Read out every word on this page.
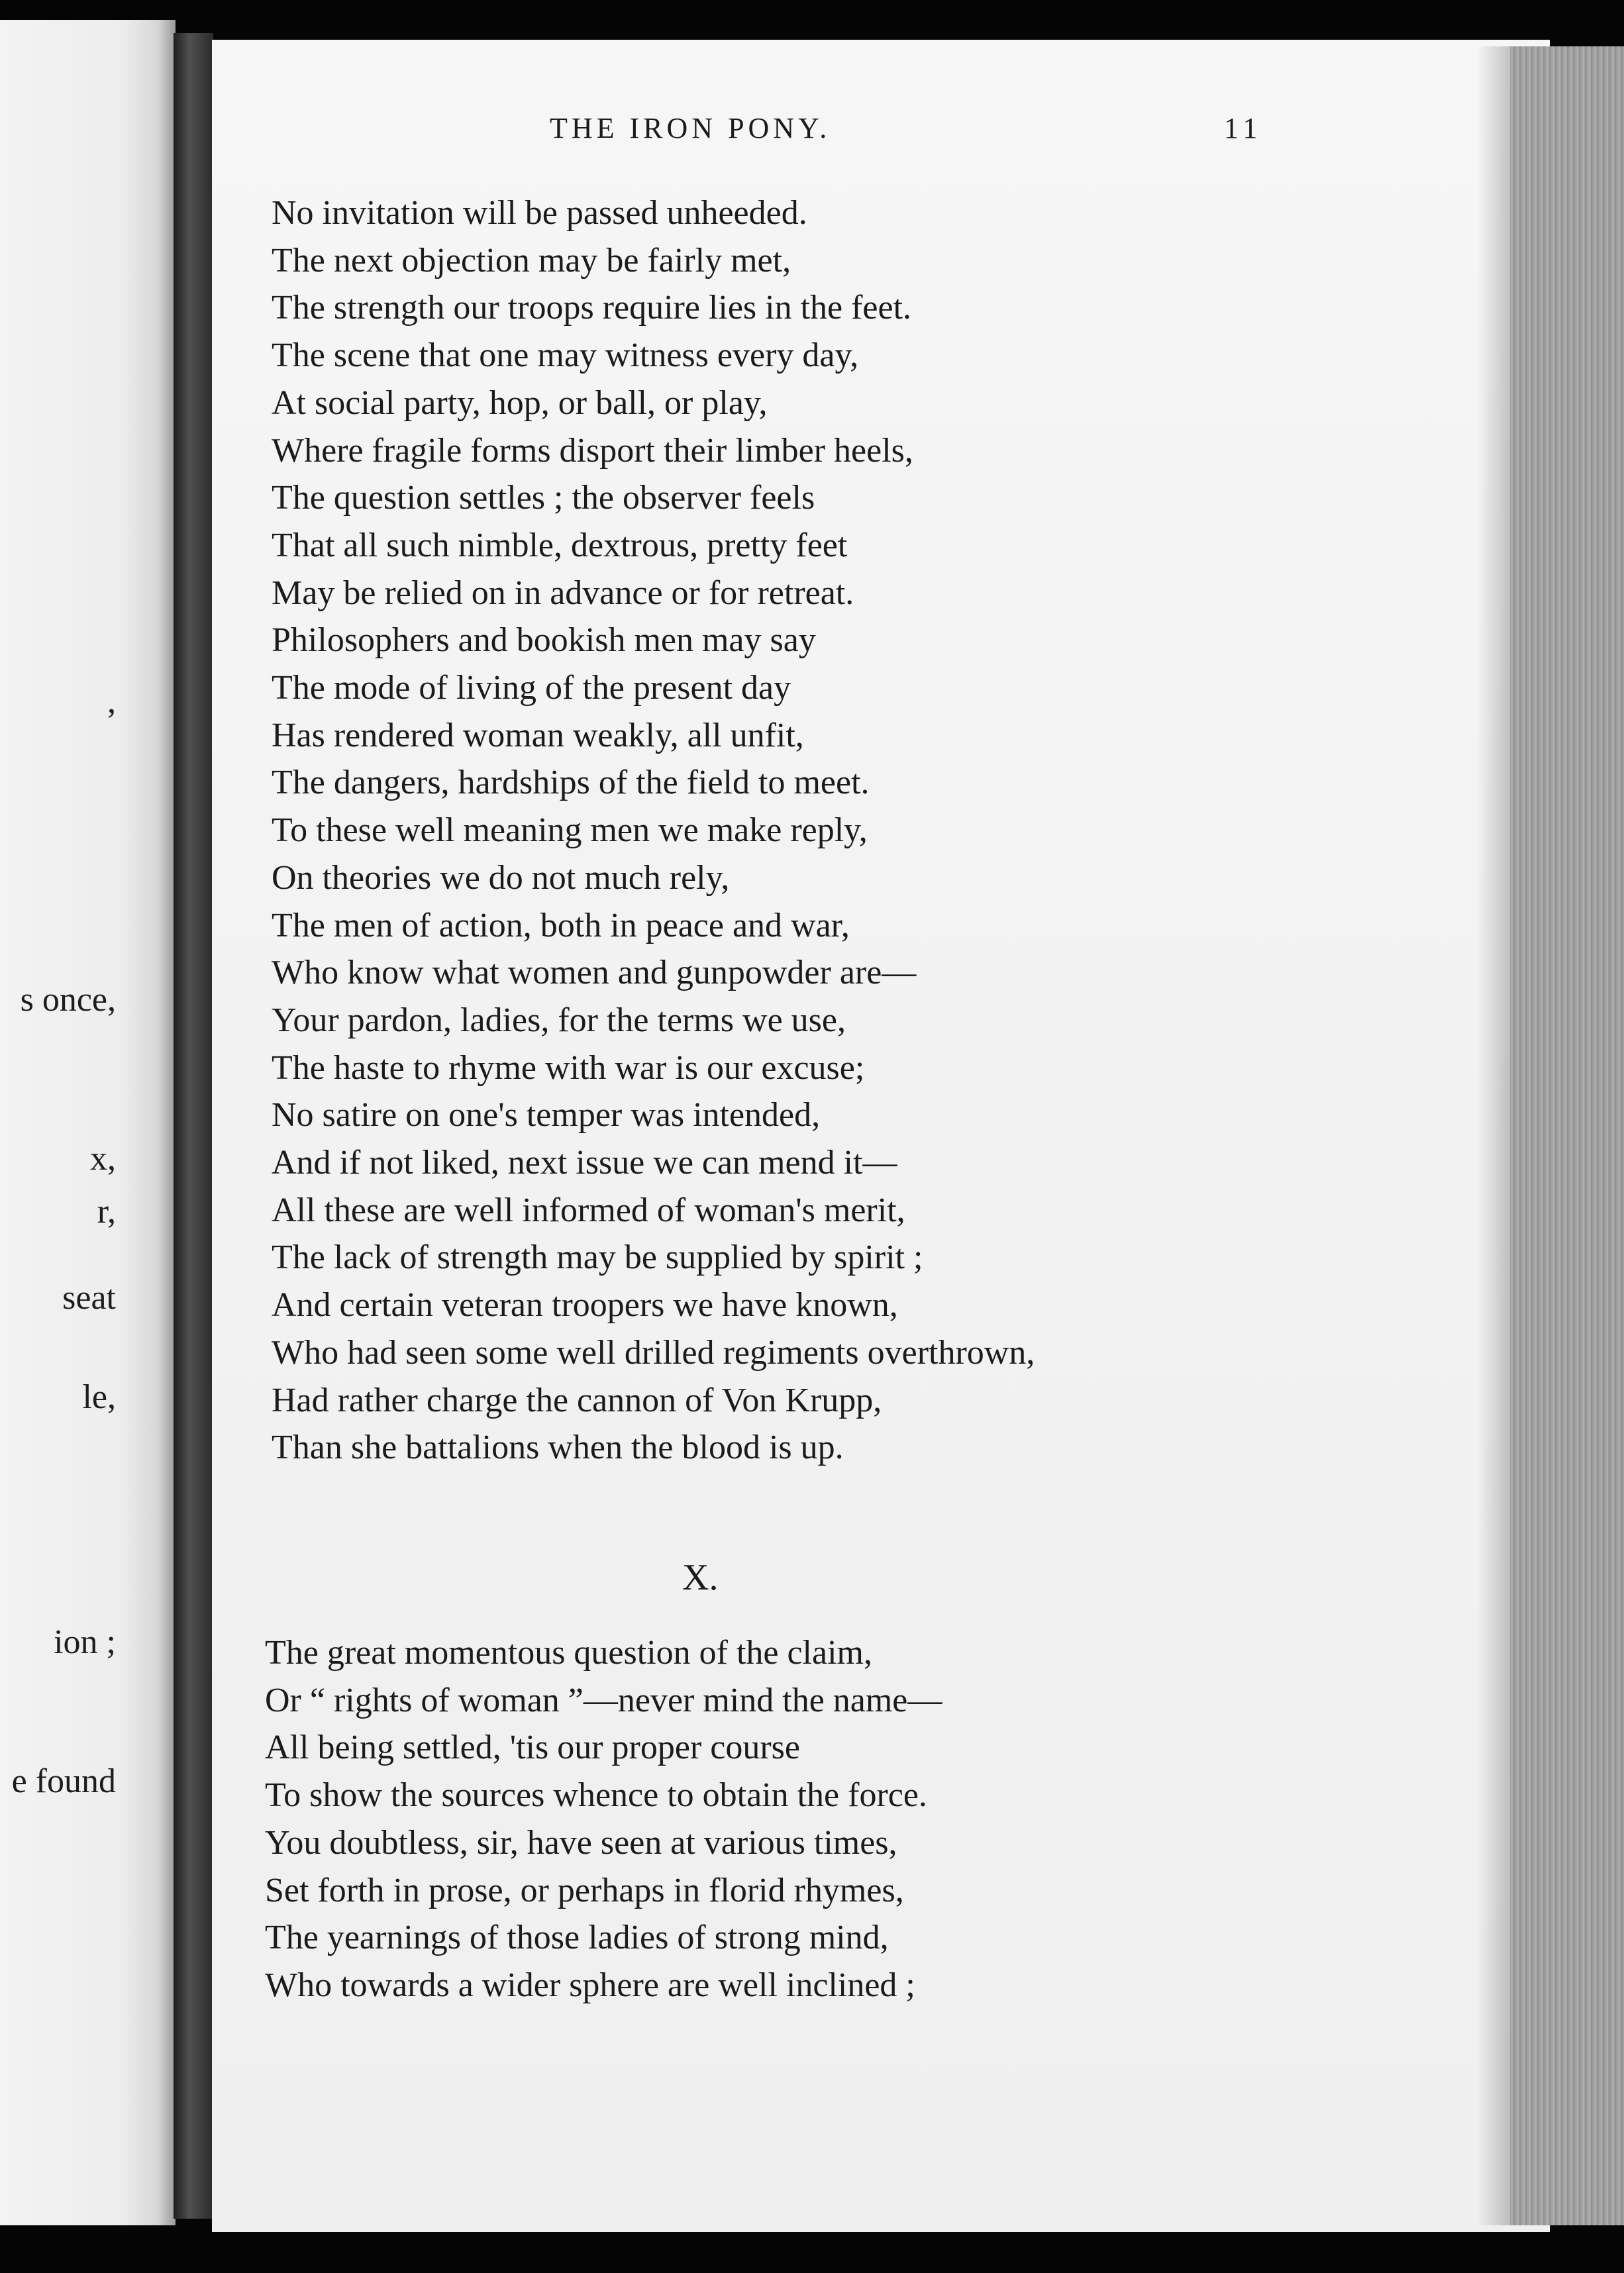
,
s once,
x,
r,
seat
le,
ion ;
e found
THE IRON PONY.	11
No invitation will be passed unheeded.
The next objection may be fairly met,
The strength our troops require lies in the feet.
The scene that one may witness every day,
At social party, hop, or ball, or play,
Where fragile forms disport their limber heels,
The question settles ; the observer feels
That all such nimble, dextrous, pretty feet
May be relied on in advance or for retreat.
Philosophers and bookish men may say
The mode of living of the present day
Has rendered woman weakly, all unfit,
The dangers, hardships of the field to meet.
To these well meaning men we make reply,
On theories we do not much rely,
The men of action, both in peace and war,
Who know what women and gunpowder are—
Your pardon, ladies, for the terms we use,
The haste to rhyme with war is our excuse;
No satire on one's temper was intended,
And if not liked, next issue we can mend it—
All these are well informed of woman's merit,
The lack of strength may be supplied by spirit ;
And certain veteran troopers we have known,
Who had seen some well drilled regiments overthrown,
Had rather charge the cannon of Von Krupp,
Than she battalions when the blood is up.
X.
The great momentous question of the claim,
Or “ rights of woman ”—never mind the name—
All being settled, 'tis our proper course
To show the sources whence to obtain the force.
You doubtless, sir, have seen at various times,
Set forth in prose, or perhaps in florid rhymes,
The yearnings of those ladies of strong mind,
Who towards a wider sphere are well inclined ;
